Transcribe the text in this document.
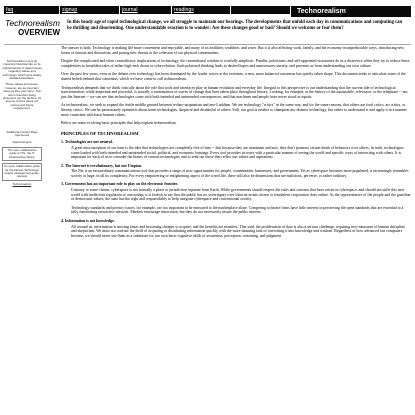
faq	signup	journal	readings	Technorealism
Technorealism
OVERVIEW
In this heady age of rapid technological change, we all struggle to maintain our bearings. The developments that unfold each day in communications and computing can be thrilling and disorienting. One understandable reaction is to wonder: Are these changes good or bad? Should we welcome or fear them?

Technorealism.org is an important historical site on its original launch. It raised issues regarding values and technology, which were widely debated elsewhere.

These values and issues, however, are as important today as they ever were. This site is therefore being preserved, per the archive, for anyone curious about our current and future engagement.

Additional Content Page Sponsored

Search Engine

The open collaborative guide to ITIL, the IT infrastructure library.
An open collaborative guide for the Fitness Technology project management guide, relevant

Technorealism

The answer is both. Technology is making life more convenient and enjoyable, and many of us healthier, wealthier, and wiser. But it is also affecting work, family, and the economy in unpredictable ways, introducing new forms of tension and distraction, and posing new threats to the cohesion of our physical communities.

Despite the complicated and often contradictory implications of technology, the conventional wisdom is woefully simplistic. Pundits, politicians, and self-appointed visionaries do us a disservice when they try to reduce these complexities to breathless tales of either high-tech doom or cyber-elation. Such polarized thinking leads to dashed hopes and unnecessary anxiety, and prevents us from understanding our own culture.

Over the past few years, even as the debate over technology has been dominated by the louder voices at the extremes, a new, more balanced consensus has quietly taken shape. This document seeks to articulate some of the shared beliefs behind that consensus, which we have come to call technorealism.

Technorealism demands that we think critically about the role that tools and interfaces play in human evolution and everyday life. Integral to this perspective is our understanding that the current tide of technological transformation, while important and powerful, is actually a continuation of waves of change that have taken place throughout history. Looking, for example, at the history of the automobile, television, or the telephone -- not just the Internet -- we can see that technologies come with both intended and unintended consequences, and that machines and people have never stood as equals.

As technorealists, we seek to expand the fertile middle ground between techno-utopianism and neo-Luddism. We are technology "critics" in the same way, and for the same reasons, that others are food critics, art critics, or literary critics. We can be passionately optimistic about some technologies, skeptical and disdainful of others. Still, our goal is neither to champion nor dismiss technology, but rather to understand it and apply it in a manner more consistent with basic human values.

Below are some evolving basic principles that help explain technorealism.

PRINCIPLES OF TECHNOREALISM
1. Technologies are not neutral.

A great misconception of our time is the idea that technologies are completely free of bias -- that because they are inanimate artifacts, they don't promote certain kinds of behaviors over others. In truth, technologies come loaded with both intended and unintended social, political, and economic leanings. Every tool provides its users with a particular manner of seeing the world and specific ways of interacting with others. It is important for each of us to consider the biases of various technologies and to seek out those that reflect our values and aspirations.

2. The Internet is revolutionary, but not Utopian.

The Net is an extraordinary communications tool that provides a range of new opportunities for people, communities, businesses, and government. Yet as cyberspace becomes more populated, it increasingly resembles society at large, in all its complexity. For every empowering or enlightening aspect of the wired life, there will also be dimensions that are malicious, perverse, or rather ordinary.

3. Government has an important role to play on the electronic frontier.

Contrary to some claims, cyberspace is not formally a place or jurisdiction separate from Earth. While governments should respect the rules and customs that have arisen in cyberspace, and should not stifle this new world with inefficient regulation or censorship, it is foolish to say that the public has no sovereignty over what an errant citizen or fraudulent corporation does online. As the representative of the people and the guardian of democratic values, the state has the right and responsibility to help integrate cyberspace and conventional society.

Technology standards and privacy issues, for example, are too important to be entrusted to the marketplace alone. Competing software firms have little interest in preserving the open standards that are essential to a fully functioning interactive network. Markets encourage innovation, but they do not necessarily insure the public interest.

4. Information is not knowledge.

All around us, information is moving faster and becoming cheaper to acquire, and the benefits are manifest. That said, the proliferation of data is also a serious challenge, requiring new measures of human discipline and skepticism. We must not confuse the thrill of acquiring or distributing information quickly with the more daunting task of converting it into knowledge and wisdom. Regardless of how advanced our computers become, we should never use them as a substitute for our own basic cognitive skills of awareness, perception, reasoning, and judgment.
